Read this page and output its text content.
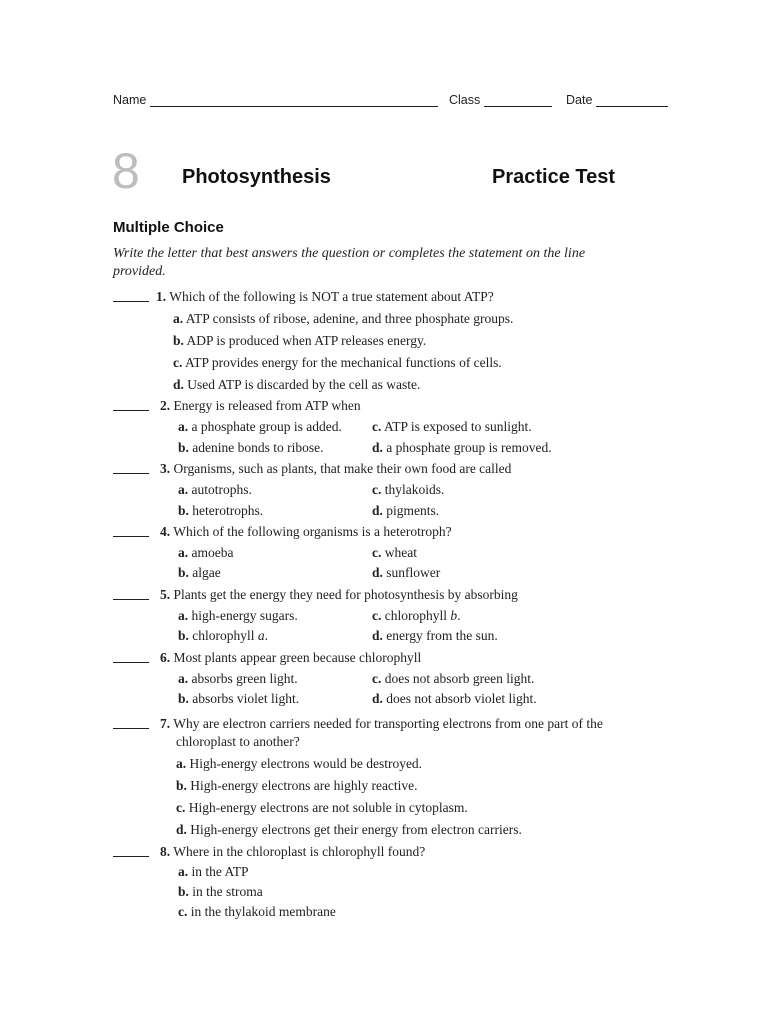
Name	Class	Date
8 Photosynthesis	Practice Test
Multiple Choice
Write the letter that best answers the question or completes the statement on the line provided.
1. Which of the following is NOT a true statement about ATP?
a. ATP consists of ribose, adenine, and three phosphate groups.
b. ADP is produced when ATP releases energy.
c. ATP provides energy for the mechanical functions of cells.
d. Used ATP is discarded by the cell as waste.
2. Energy is released from ATP when
a. a phosphate group is added. c. ATP is exposed to sunlight.
b. adenine bonds to ribose.	d. a phosphate group is removed.
3. Organisms, such as plants, that make their own food are called
a. autotrophs.	c. thylakoids.
b. heterotrophs.	d. pigments.
4. Which of the following organisms is a heterotroph?
a. amoeba	c. wheat
b. algae	d. sunflower
5. Plants get the energy they need for photosynthesis by absorbing
a. high-energy sugars.	c. chlorophyll b.
b. chlorophyll a.	d. energy from the sun.
6. Most plants appear green because chlorophyll
a. absorbs green light.	c. does not absorb green light.
b. absorbs violet light.	d. does not absorb violet light.
7. Why are electron carriers needed for transporting electrons from one part of the
chloroplast to another?
a. High-energy electrons would be destroyed.
b. High-energy electrons are highly reactive.
c. High-energy electrons are not soluble in cytoplasm.
d. High-energy electrons get their energy from electron carriers.
8. Where in the chloroplast is chlorophyll found?
a. in the ATP
b. in the stroma
c. in the thylakoid membrane
